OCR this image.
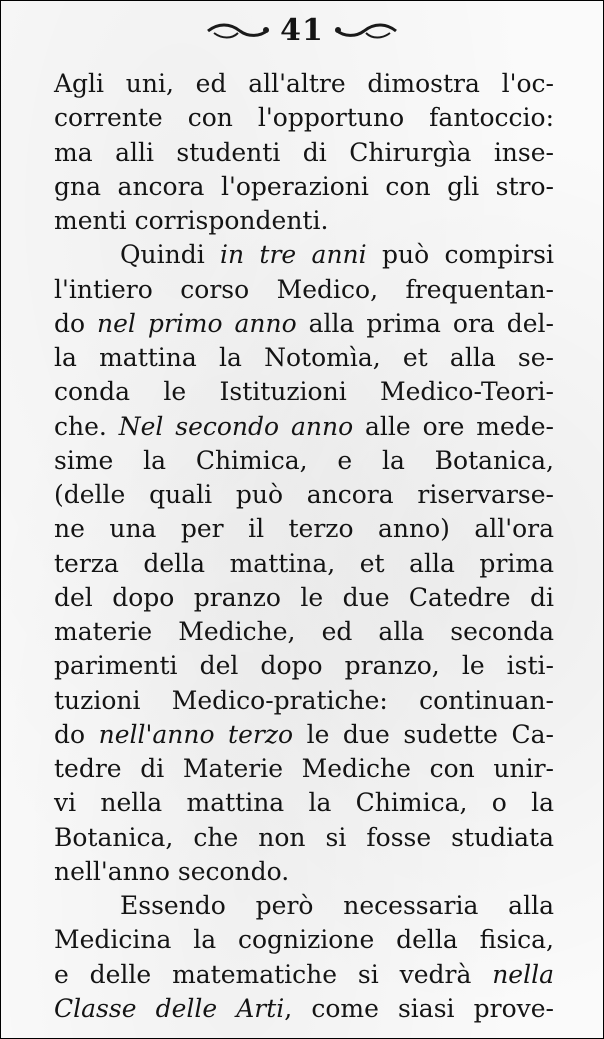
41
Agli uni, ed all'altre dimostra l'oc-
corrente con l'opportuno fantoccio:
ma alli studenti di Chirurgìa inse-
gna ancora l'operazioni con gli stro-
menti corrispondenti.
Quindi in tre anni può compirsi
l'intiero corso Medico, frequentan-
do nel primo anno alla prima ora del-
la mattina la Notomìa, et alla se-
conda le Istituzioni Medico-Teori-
che. Nel secondo anno alle ore mede-
sime la Chimica, e la Botanica,
(delle quali può ancora riservarse-
ne una per il terzo anno) all'ora
terza della mattina, et alla prima
del dopo pranzo le due Catedre di
materie Mediche, ed alla seconda
parimenti del dopo pranzo, le isti-
tuzioni Medico-pratiche: continuan-
do nell'anno terzo le due sudette Ca-
tedre di Materie Mediche con unir-
vi nella mattina la Chimica, o la
Botanica, che non si fosse studiata
nell'anno secondo.
Essendo però necessaria alla
Medicina la cognizione della fisica,
e delle matematiche si vedrà nella
Classe delle Arti, come siasi prove-
